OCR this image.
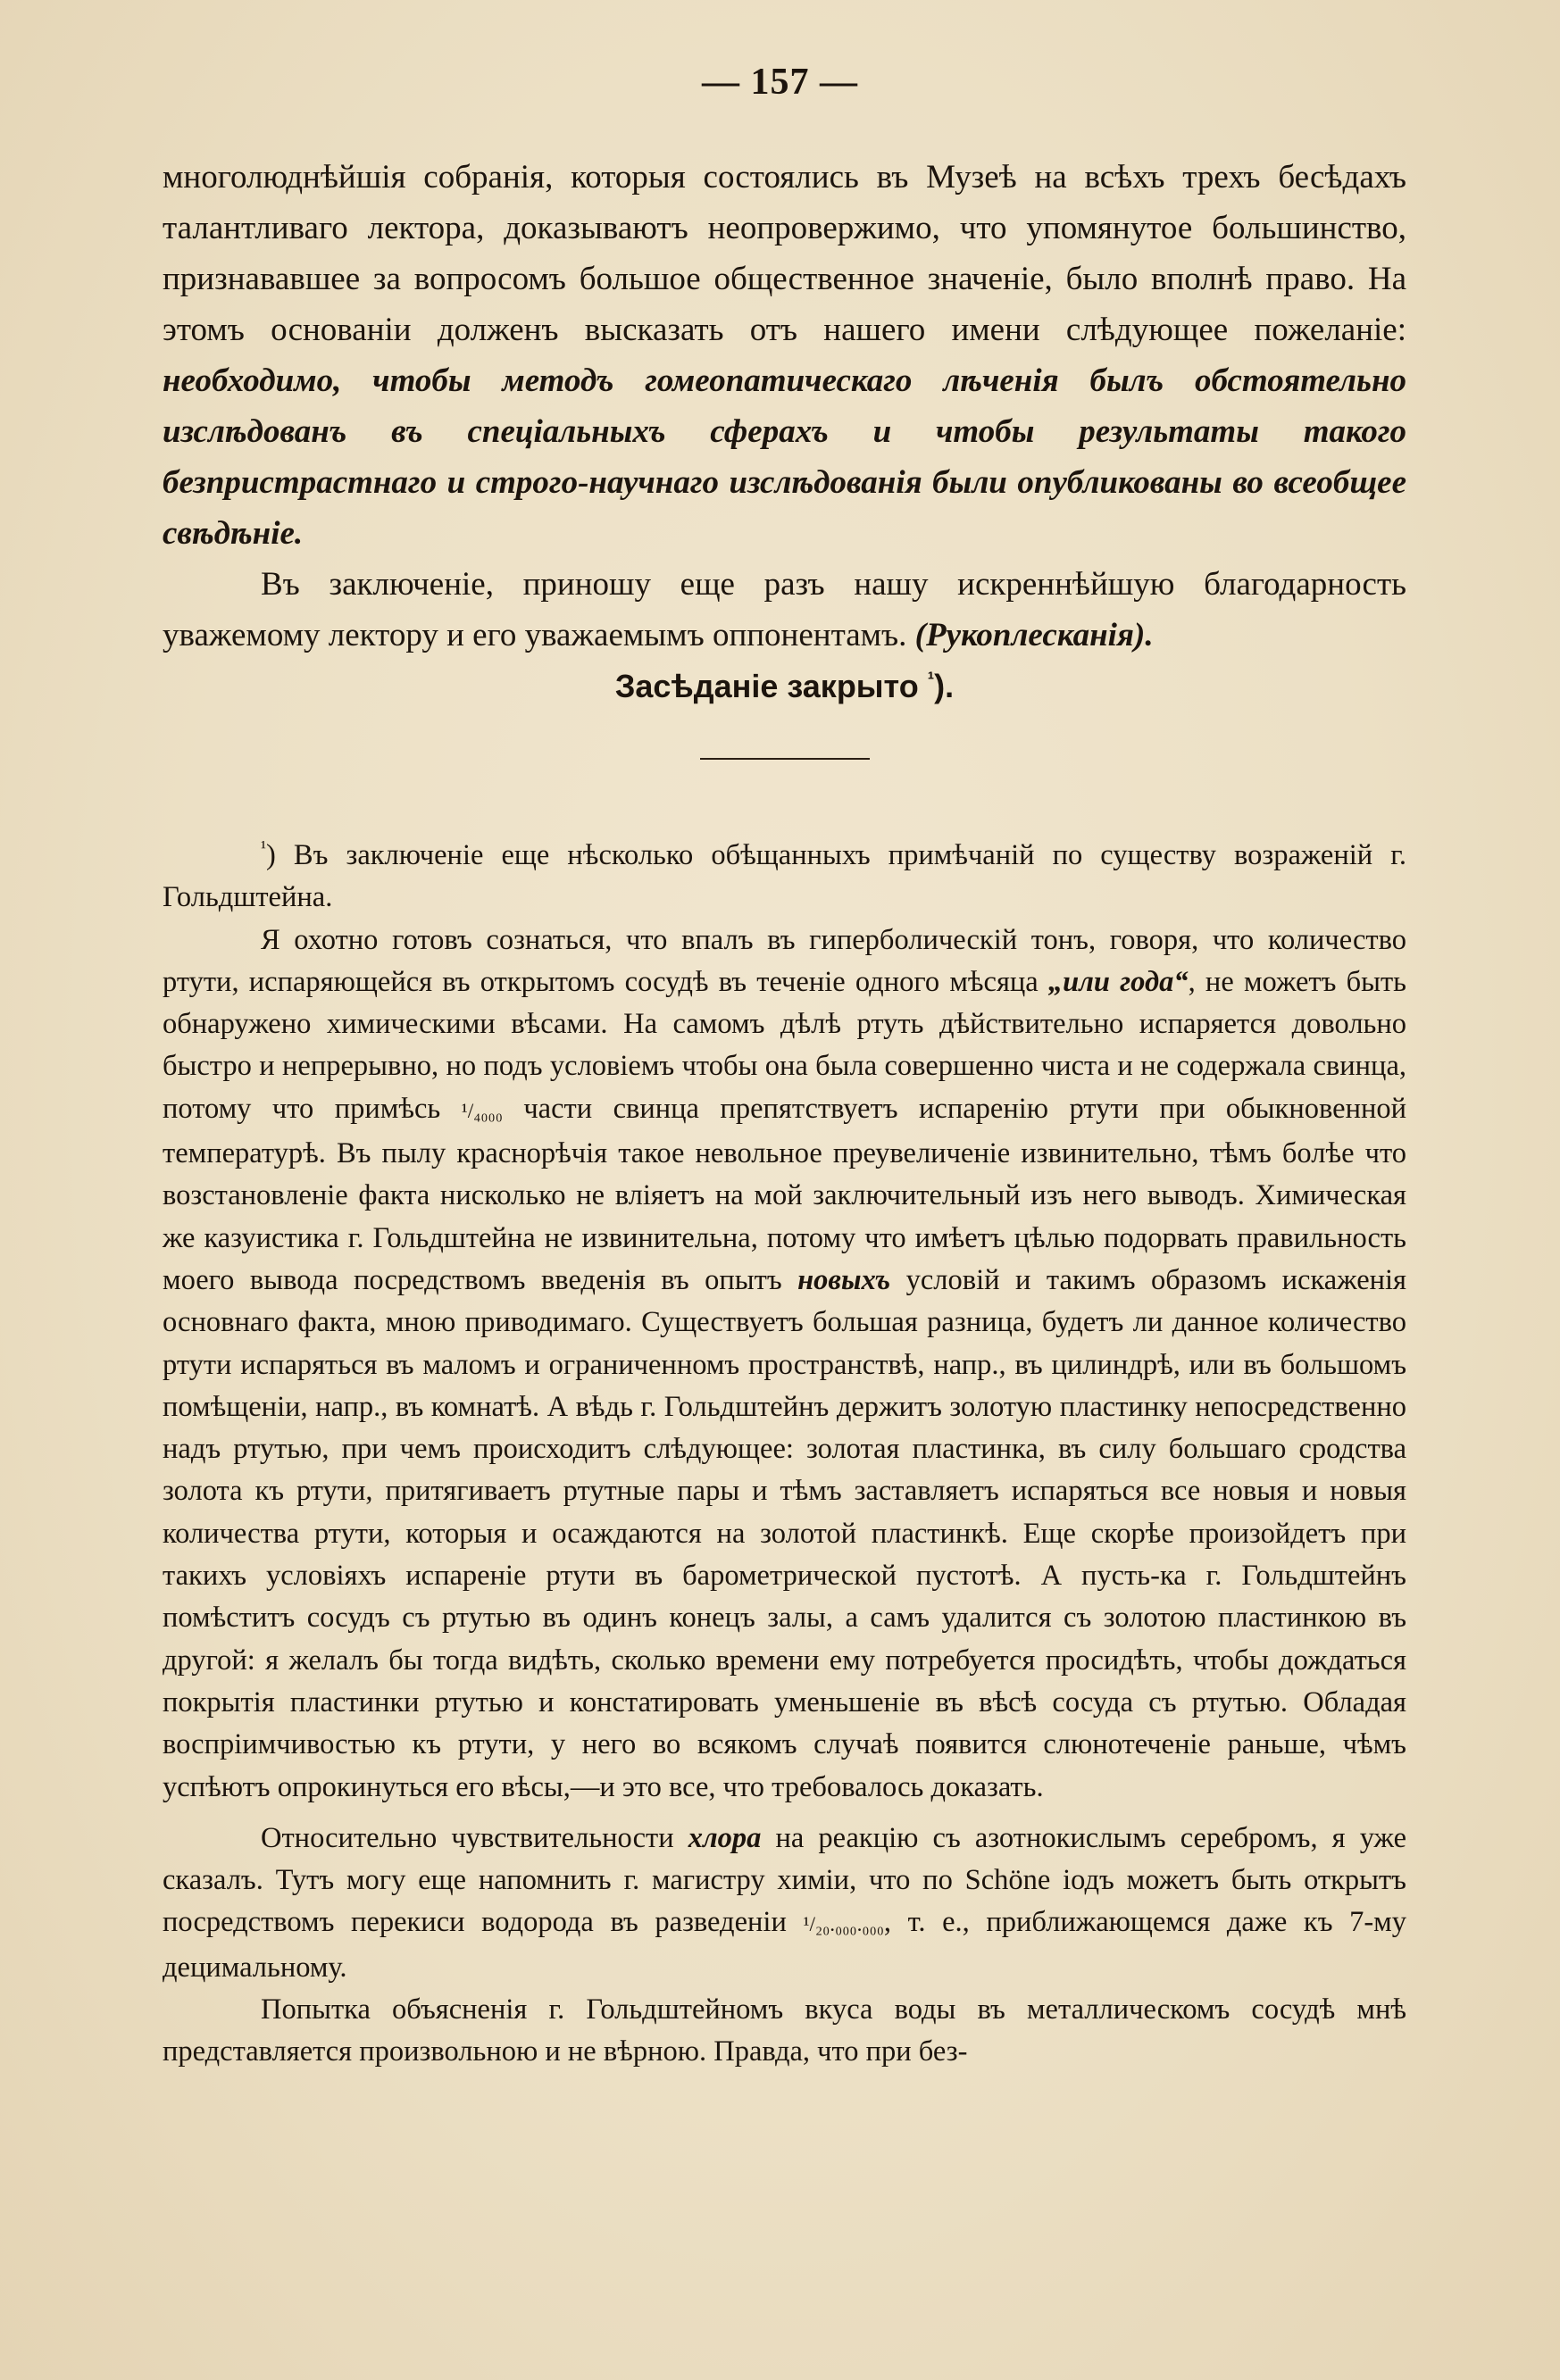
— 157 —

многолюднѣйшія собранія, которыя состоялись въ Музеѣ на всѣхъ трехъ бесѣдахъ талантливаго лектора, доказываютъ неопровержимо, что упомянутое большинство, признававшее за вопросомъ большое общественное значеніе, было вполнѣ право. На этомъ основаніи долженъ высказать отъ нашего имени слѣдующее пожеланіе: необходимо, чтобы методъ гомеопатическаго лѣченія былъ обстоятельно изслѣдованъ въ спеціальныхъ сферахъ и чтобы результаты такого безпристрастнаго и строго-научнаго изслѣдованія были опубликованы во всеобщее свѣдѣніе.

Въ заключеніе, приношу еще разъ нашу искреннѣйшую благодарность уважемому лектору и его уважаемымъ оппонентамъ. (Рукоплесканія).

Засѣданіе закрыто $^{^1}$).

$^{^1}$) Въ заключеніе еще нѣсколько обѣщанныхъ примѣчаній по существу возраженій г. Гольдштейна.

Я охотно готовъ сознаться, что впалъ въ гиперболическій тонъ, говоря, что количество ртути, испаряющейся въ открытомъ сосудѣ въ теченіе одного мѣсяца „или года“, не можетъ быть обнаружено химическими вѣсами. На самомъ дѣлѣ ртуть дѣйствительно испаряется довольно быстро и непрерывно, но подъ условіемъ чтобы она была совершенно чиста и не содержала свинца, потому что примѣсь ¹/₄₀₀₀ части свинца препятствуетъ испаренію ртути при обыкновенной температурѣ. Въ пылу краснорѣчія такое невольное преувеличеніе извинительно, тѣмъ болѣе что возстановленіе факта нисколько не вліяетъ на мой заключительный изъ него выводъ. Химическая же казуистика г. Гольдштейна не извинительна, потому что имѣетъ цѣлью подорвать правильность моего вывода посредствомъ введенія въ опытъ новыхъ условій и такимъ образомъ искаженія основнаго факта, мною приводимаго. Существуетъ большая разница, будетъ ли данное количество ртути испаряться въ маломъ и ограниченномъ пространствѣ, напр., въ цилиндрѣ, или въ большомъ помѣщеніи, напр., въ комнатѣ. А вѣдь г. Гольдштейнъ держитъ золотую пластинку непосредственно надъ ртутью, при чемъ происходитъ слѣдующее: золотая пластинка, въ силу большаго сродства золота къ ртути, притягиваетъ ртутные пары и тѣмъ заставляетъ испаряться все новыя и новыя количества ртути, которыя и осаждаются на золотой пластинкѣ. Еще скорѣе произойдетъ при такихъ условіяхъ испареніе ртути въ барометрической пустотѣ. А пусть-ка г. Гольдштейнъ помѣститъ сосудъ съ ртутью въ одинъ конецъ залы, а самъ удалится съ золотою пластинкою въ другой: я желалъ бы тогда видѣть, сколько времени ему потребуется просидѣть, чтобы дождаться покрытія пластинки ртутью и констатировать уменьшеніе въ вѣсѣ сосуда съ ртутью. Обладая воспріимчивостью къ ртути, у него во всякомъ случаѣ появится слюнотеченіе раньше, чѣмъ успѣютъ опрокинуться его вѣсы,—и это все, что требовалось доказать.

Относительно чувствительности хлора на реакцію съ азотнокислымъ серебромъ, я уже сказалъ. Тутъ могу еще напомнить г. магистру химіи, что по Schöne іодъ можетъ быть открытъ посредствомъ перекиси водорода въ разведеніи ¹/₂₀.₀₀₀.₀₀₀, т. е., приближающемся даже къ 7-му децимальному.

Попытка объясненія г. Гольдштейномъ вкуса воды въ металлическомъ сосудѣ мнѣ представляется произвольною и не вѣрною. Правда, что при без-
